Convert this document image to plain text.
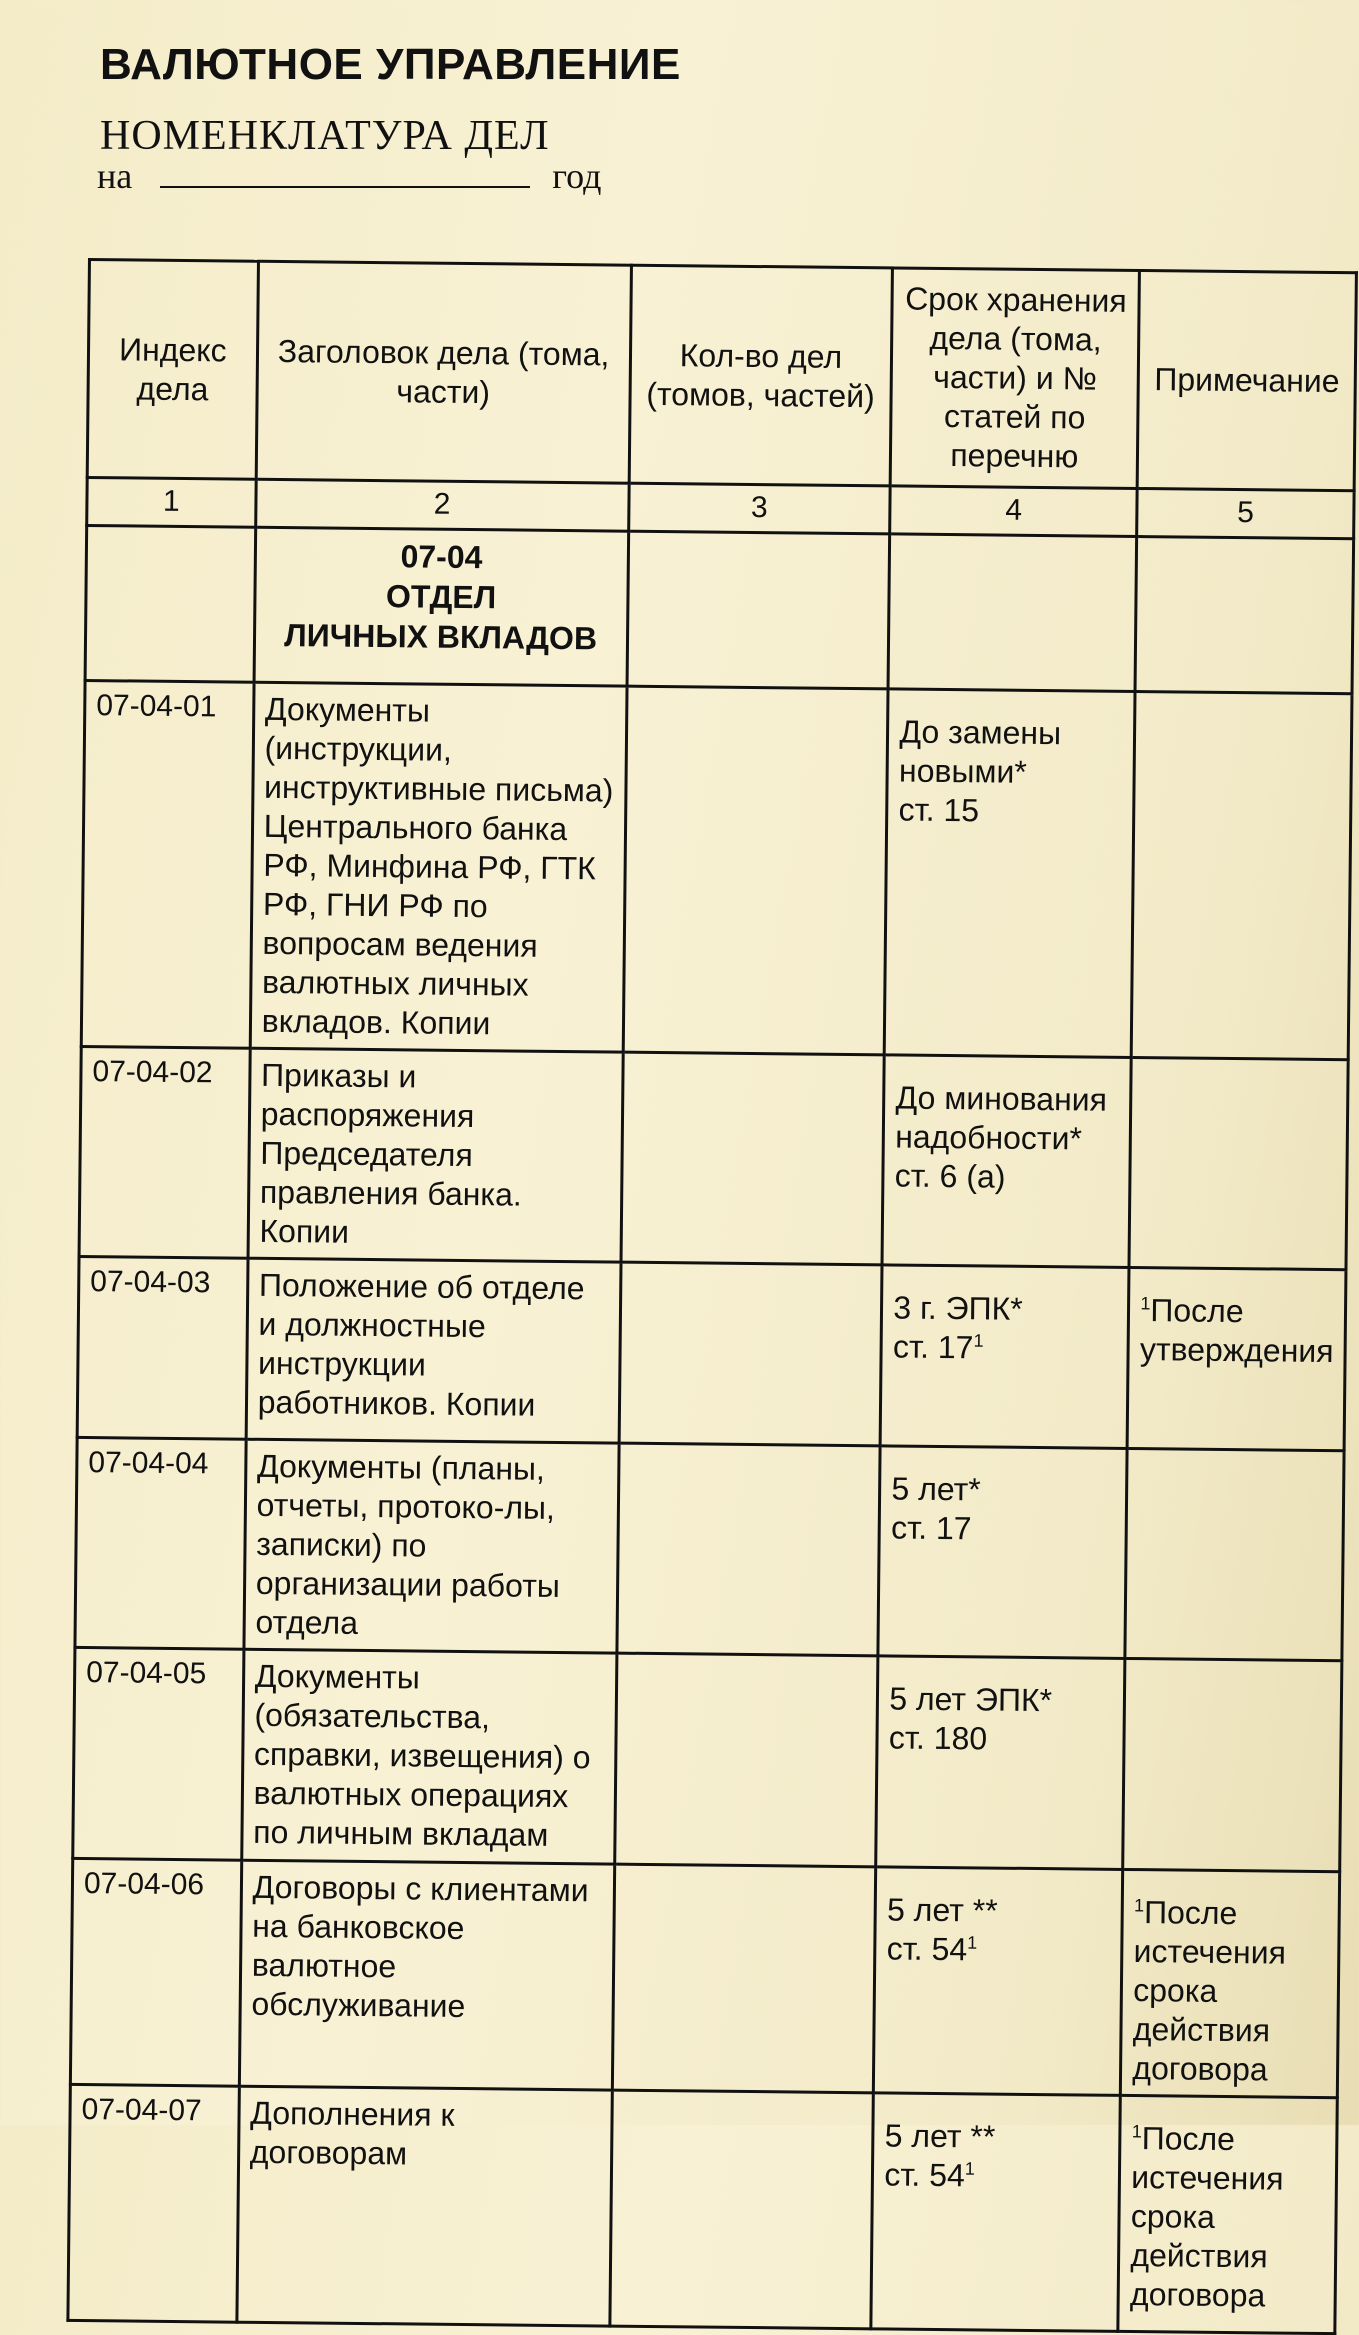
ВАЛЮТНОЕ УПРАВЛЕНИЕ
НОМЕНКЛАТУРА ДЕЛ
на	год
Индекс дела	Заголовок дела (тома, части)	Кол-во дел (томов, частей)	Срок хранения дела (тома, части) и № статей по перечню	Примечание
1	2	3	4	5

	07-04
ОТДЕЛ
ЛИЧНЫХ ВКЛАДОВ			

07-04-01	Документы (инструкции, инструктивные письма) Центрального банка РФ, Минфина РФ, ГТК РФ, ГНИ РФ по вопросам ведения валютных личных вкладов. Копии		До замены новыми*
ст. 15	

07-04-02	Приказы и распоряжения Председателя правления банка. Копии		До минования надобности*
ст. 6 (а)	

07-04-03	Положение об отделе и должностные инструкции работников. Копии		3 г. ЭПК*
ст. $17^1$	$^1$После утверждения
07-04-04	Документы (планы, отчеты, протоко-лы, записки) по организации работы отдела		5 лет*
ст. 17	

07-04-05	Документы (обязательства, справки, извещения) о валютных операциях по личным вкладам		5 лет ЭПК*
ст. 180	

07-04-06	Договоры с клиентами на банковское валютное обслуживание		5 лет **
ст. $54^1$	$^1$После истечения срока действия договора
07-04-07	Дополнения к договорам		5 лет **
ст. $54^1$	$^1$После истечения срока действия договора
